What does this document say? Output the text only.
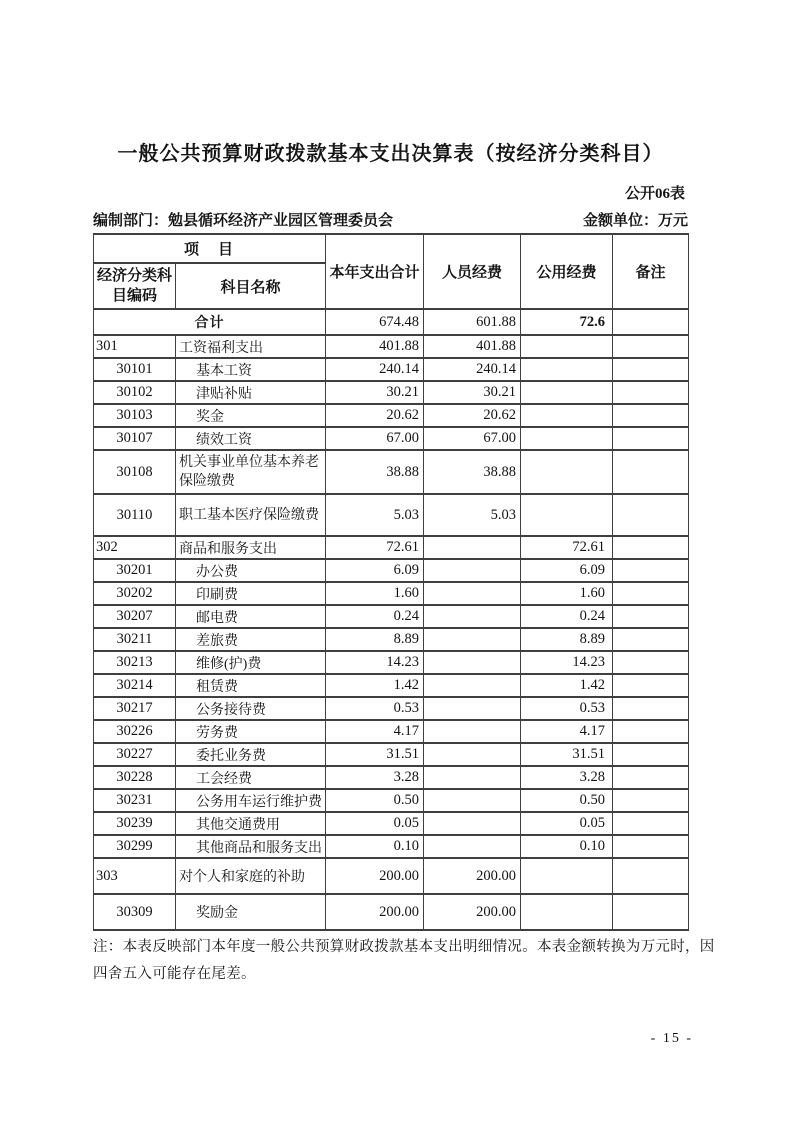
一般公共预算财政拨款基本支出决算表（按经济分类科目）
公开06表
编制部门：勉县循环经济产业园区管理委员会	金额单位：万元
项　目		本年支出合计	人员经费	公用经费	备注
经济分类科目编码	科目名称				
合计		674.48	601.88	72.6	
301	工资福利支出	401.88	401.88		
30101	基本工资	240.14	240.14		
30102	津贴补贴	30.21	30.21		
30103	奖金	20.62	20.62		
30107	绩效工资	67.00	67.00		
30108	机关事业单位基本养老保险缴费	38.88	38.88		
30110	职工基本医疗保险缴费	5.03	5.03		
302	商品和服务支出	72.61		72.61	
30201	办公费	6.09		6.09	
30202	印刷费	1.60		1.60	
30207	邮电费	0.24		0.24	
30211	差旅费	8.89		8.89	
30213	维修(护)费	14.23		14.23	
30214	租赁费	1.42		1.42	
30217	公务接待费	0.53		0.53	
30226	劳务费	4.17		4.17	
30227	委托业务费	31.51		31.51	
30228	工会经费	3.28		3.28	
30231	公务用车运行维护费	0.50		0.50	
30239	其他交通费用	0.05		0.05	
30299	其他商品和服务支出	0.10		0.10	
303	对个人和家庭的补助	200.00	200.00		
30309	奖励金	200.00	200.00		
注：本表反映部门本年度一般公共预算财政拨款基本支出明细情况。本表金额转换为万元时，因
四舍五入可能存在尾差。
- 15 -
